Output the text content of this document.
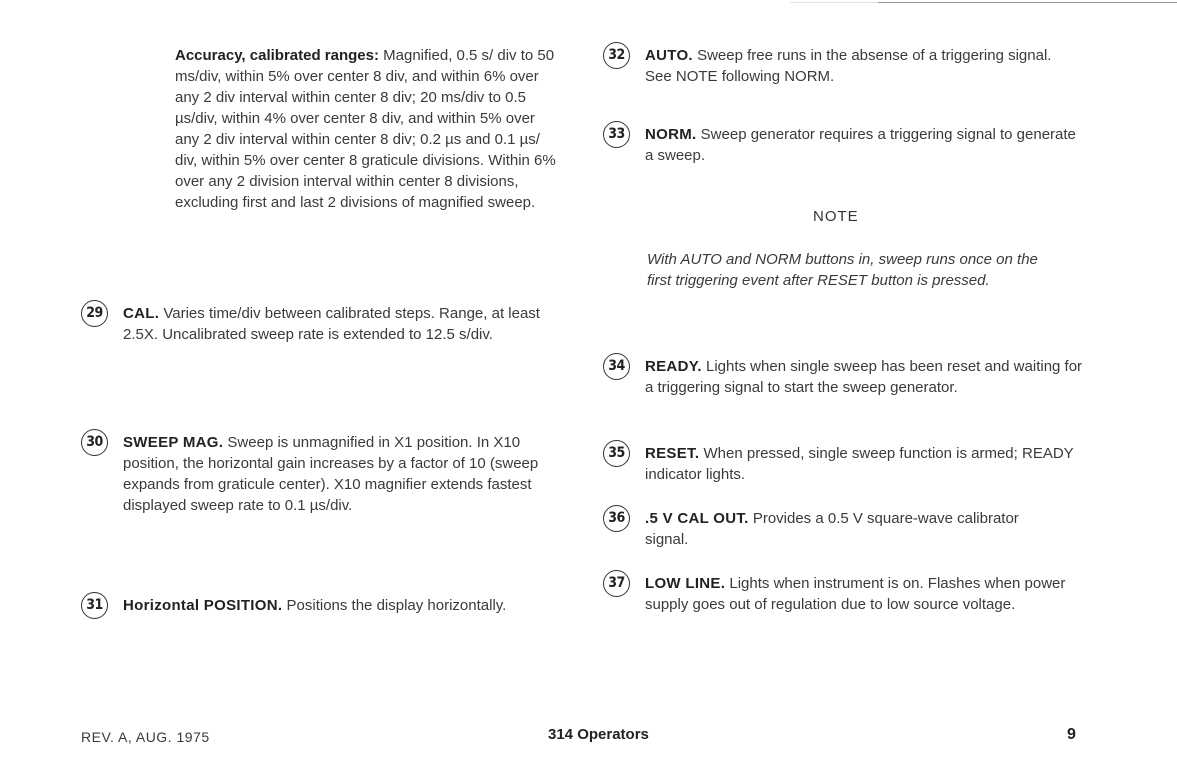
Accuracy, calibrated ranges: Magnified, 0.5 s/ div to 50 ms/div, within 5% over center 8 div, and within 6% over any 2 div interval within center 8 div; 20 ms/div to 0.5 µs/div, within 4% over center 8 div, and within 5% over any 2 div interval within center 8 div; 0.2 µs and 0.1 µs/ div, within 5% over center 8 graticule divisions. Within 6% over any 2 division interval within center 8 divisions, excluding first and last 2 divisions of magnified sweep.
29	CAL. Varies time/div between calibrated steps. Range, at least 2.5X. Uncalibrated sweep rate is extended to 12.5 s/div.
30	SWEEP MAG. Sweep is unmagnified in X1 position. In X10 position, the horizontal gain increases by a factor of 10 (sweep expands from graticule center). X10 magnifier extends fastest displayed sweep rate to 0.1 µs/div.
31	Horizontal POSITION. Positions the display horizontally.
32	AUTO. Sweep free runs in the absense of a triggering signal. See NOTE following NORM.
33	NORM. Sweep generator requires a triggering signal to generate a sweep.
NOTE
With AUTO and NORM buttons in, sweep runs once on the first triggering event after RESET button is pressed.
34	READY. Lights when single sweep has been reset and waiting for a triggering signal to start the sweep generator.
35	RESET. When pressed, single sweep function is armed; READY indicator lights.
36	.5 V CAL OUT. Provides a 0.5 V square-wave calibrator signal.
37	LOW LINE. Lights when instrument is on. Flashes when power supply goes out of regulation due to low source voltage.
REV. A, AUG. 1975	314 Operators	9
